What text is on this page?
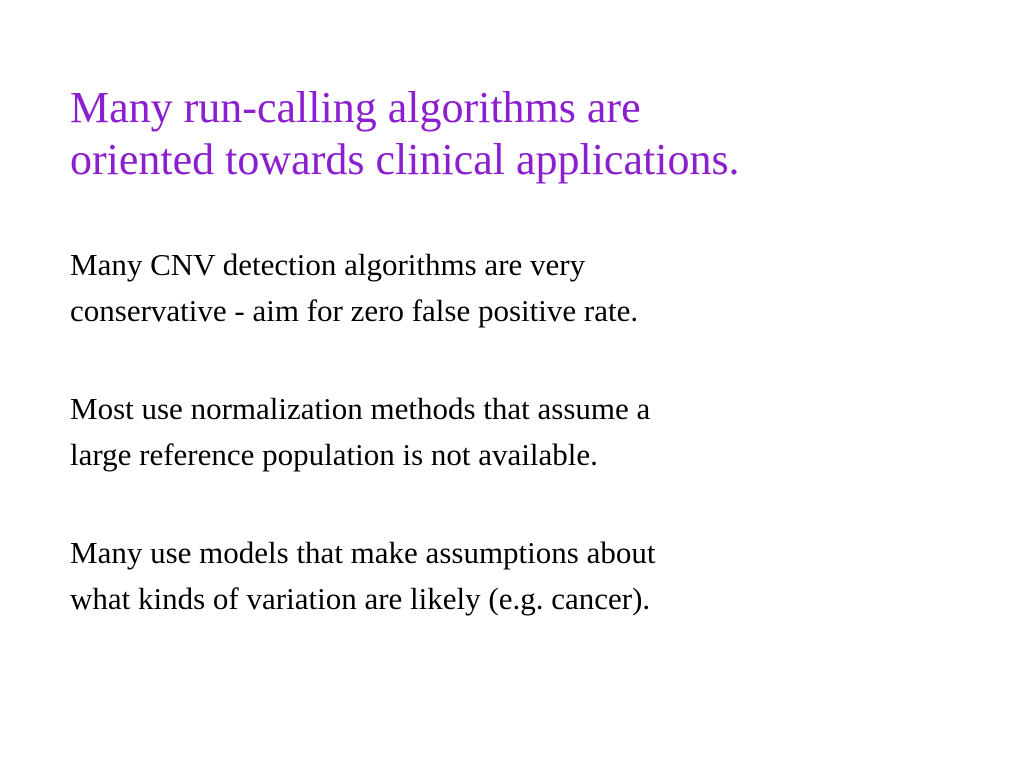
Many run-calling algorithms are
oriented towards clinical applications.

Many CNV detection algorithms are very
conservative - aim for zero false positive rate.

Most use normalization methods that assume a
large reference population is not available.

Many use models that make assumptions about
what kinds of variation are likely (e.g. cancer).
